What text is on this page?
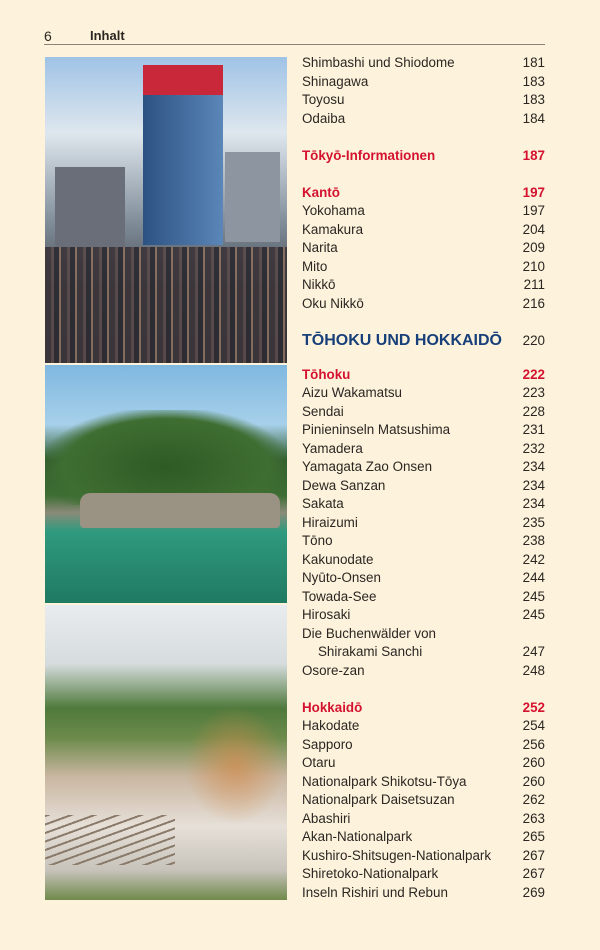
6	Inhalt
Shimbashi und Shiodome	181
Shinagawa	183
Toyosu	183
Odaiba	184
Tōkyō-Informationen	187
Kantō	197
Yokohama	197
Kamakura	204
Narita	209
Mito	210
Nikkō	211
Oku Nikkō	216
TŌHOKU UND HOKKAIDŌ 220
Tōhoku	222
Aizu Wakamatsu	223
Sendai	228
Pinieninseln Matsushima	231
Yamadera	232
Yamagata Zao Onsen	234
Dewa Sanzan	234
Sakata	234
Hiraizumi	235
Tōno	238
Kakunodate	242
Nyūto-Onsen	244
Towada-See	245
Hirosaki	245
Die Buchenwälder von
Shirakami Sanchi	247
Osore-zan	248
Hokkaidō	252
Hakodate	254
Sapporo	256
Otaru	260
Nationalpark Shikotsu-Tōya	260
Nationalpark Daisetsuzan	262
Abashiri	263
Akan-Nationalpark	265
Kushiro-Shitsugen-Nationalpark 267
Shiretoko-Nationalpark	267
Inseln Rishiri und Rebun	269
